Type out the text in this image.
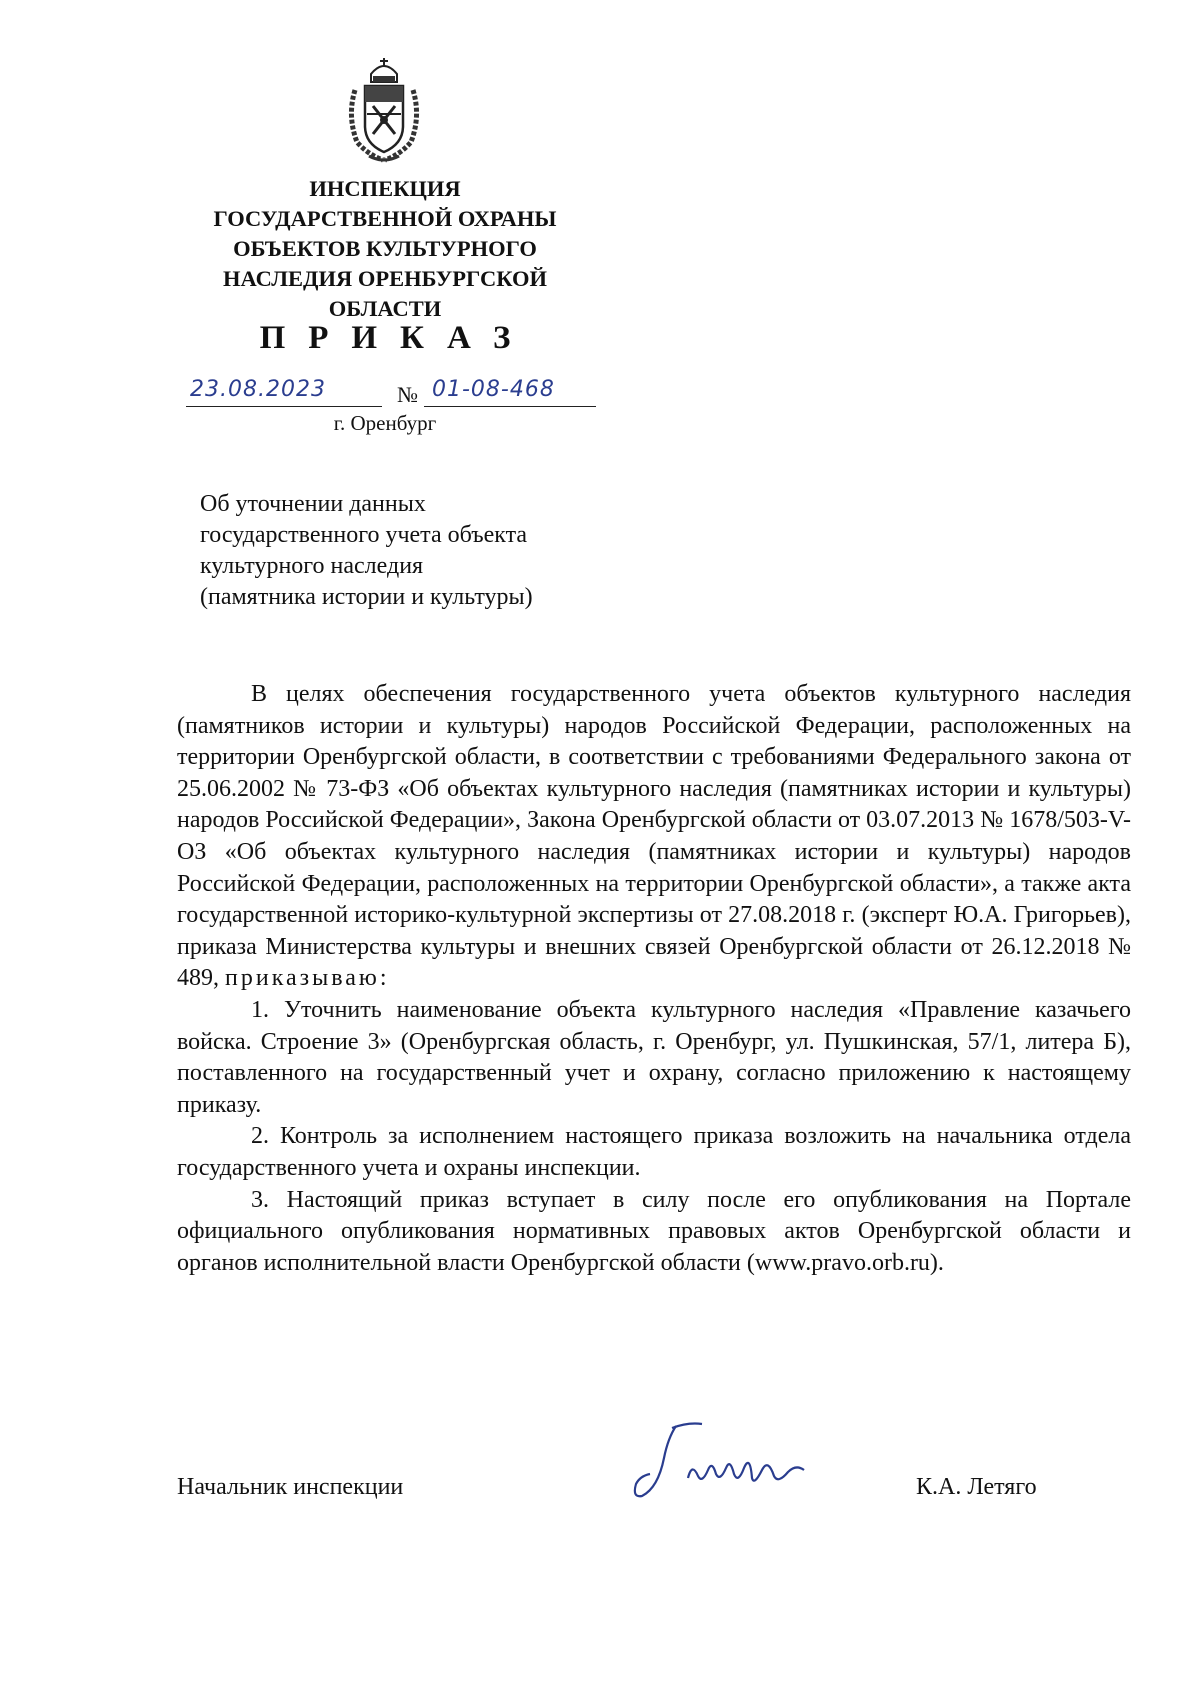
ИНСПЕКЦИЯ
ГОСУДАРСТВЕННОЙ ОХРАНЫ
ОБЪЕКТОВ КУЛЬТУРНОГО
НАСЛЕДИЯ ОРЕНБУРГСКОЙ
ОБЛАСТИ
ПРИКАЗ
23.08.2023	№ 01-08-468
г. Оренбург
Об уточнении данных
государственного учета объекта
культурного наследия
(памятника истории и культуры)

В целях обеспечения государственного учета объектов культурного наследия (памятников истории и культуры) народов Российской Федерации, расположенных на территории Оренбургской области, в соответствии с требованиями Федерального закона от 25.06.2002 № 73-ФЗ «Об объектах культурного наследия (памятниках истории и культуры) народов Российской Федерации», Закона Оренбургской области от 03.07.2013 № 1678/503-V-ОЗ «Об объектах культурного наследия (памятниках истории и культуры) народов Российской Федерации, расположенных на территории Оренбургской области», а также акта государственной историко-культурной экспертизы от 27.08.2018 г. (эксперт Ю.А. Григорьев), приказа Министерства культуры и внешних связей Оренбургской области от 26.12.2018 № 489, приказываю:

1. Уточнить наименование объекта культурного наследия «Правление казачьего войска. Строение 3» (Оренбургская область, г. Оренбург, ул. Пушкинская, 57/1, литера Б), поставленного на государственный учет и охрану, согласно приложению к настоящему приказу.

2. Контроль за исполнением настоящего приказа возложить на начальника отдела государственного учета и охраны инспекции.

3. Настоящий приказ вступает в силу после его опубликования на Портале официального опубликования нормативных правовых актов Оренбургской области и органов исполнительной власти Оренбургской области (www.pravo.orb.ru).

Начальник инспекции	К.А. Летяго
